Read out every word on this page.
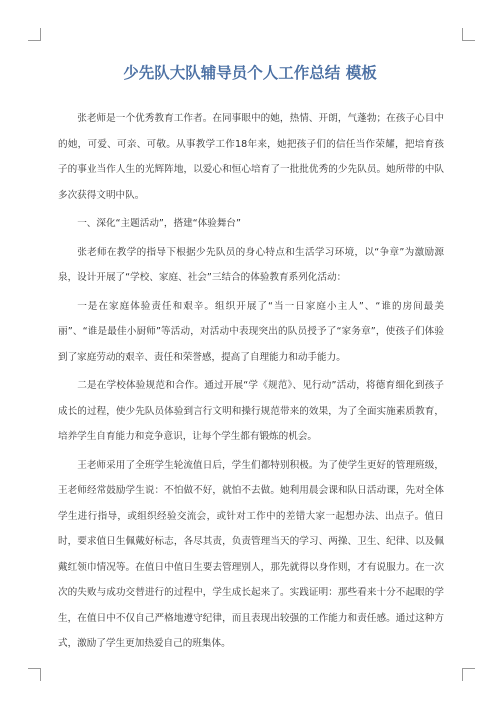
少先队大队辅导员个人工作总结 模板

张老师是一个优秀教育工作者。在同事眼中的她，热情、开朗，气蓬勃；在孩子心目中的她，可爱、可亲、可敬。从事教学工作18年来，她把孩子们的信任当作荣耀，把培育孩子的事业当作人生的光辉阵地，以爱心和恒心培育了一批批优秀的少先队员。她所带的中队多次获得文明中队。

一、深化“主题活动”，搭建“体验舞台”

张老师在教学的指导下根据少先队员的身心特点和生活学习环境，以“争章”为激励源泉，设计开展了“学校、家庭、社会”三结合的体验教育系列化活动：

一是在家庭体验责任和艰辛。组织开展了“当一日家庭小主人”、“谁的房间最美丽”、“谁是最佳小厨师”等活动，对活动中表现突出的队员授予了“家务章”，使孩子们体验到了家庭劳动的艰辛、责任和荣誉感，提高了自理能力和动手能力。

二是在学校体验规范和合作。通过开展“学《规范》、见行动”活动，将德育细化到孩子成长的过程，使少先队员体验到言行文明和操行规范带来的效果，为了全面实施素质教育，培养学生自育能力和竞争意识，让每个学生都有锻炼的机会。

王老师采用了全班学生轮流值日后，学生们都特别积极。为了使学生更好的管理班级，王老师经常鼓励学生说：不怕做不好，就怕不去做。她利用晨会课和队日活动课，先对全体学生进行指导，或组织经验交流会，或针对工作中的差错大家一起想办法、出点子。值日时，要求值日生佩戴好标志，各尽其责，负责管理当天的学习、两操、卫生、纪律、以及佩戴红领巾情况等。在值日中值日生要去管理别人，那先就得以身作则，才有说服力。在一次次的失败与成功交替进行的过程中，学生成长起来了。实践证明：那些看来十分不起眼的学生，在值日中不仅自己严格地遵守纪律，而且表现出较强的工作能力和责任感。通过这种方式，激励了学生更加热爱自己的班集体。
